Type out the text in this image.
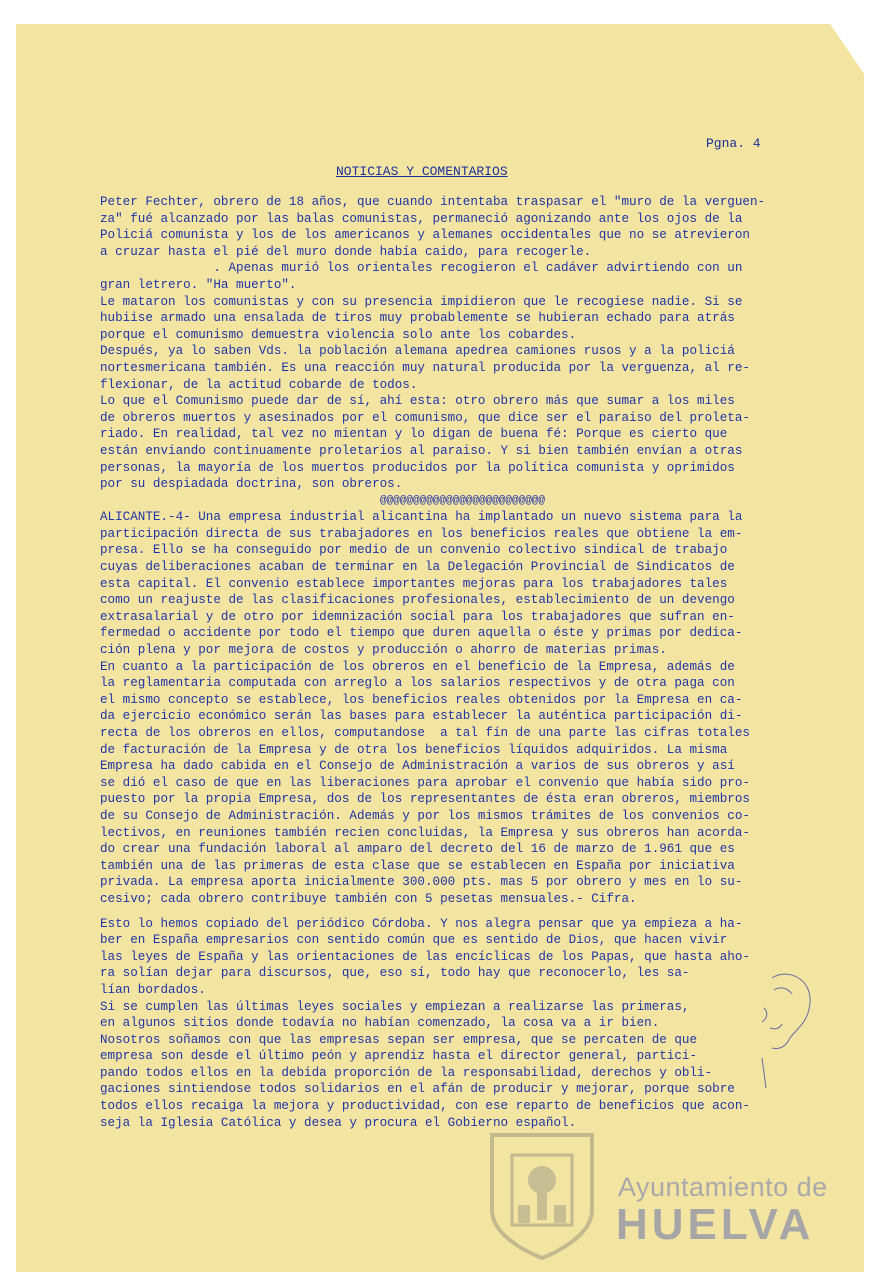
Pgna. 4
NOTICIAS Y COMENTARIOS
Peter Fechter, obrero de 18 años, que cuando intentaba traspasar el "muro de la verguen-
za" fué alcanzado por las balas comunistas, permaneció agonizando ante los ojos de la
Policiá comunista y los de los americanos y alemanes occidentales que no se atrevieron
a cruzar hasta el pié del muro donde había caido, para recogerle.
. Apenas murió los orientales recogieron el cadáver advirtiendo con un
gran letrero. "Ha muerto".
Le mataron los comunistas y con su presencia impidieron que le recogiese nadie. Si se
hubiise armado una ensalada de tiros muy probablemente se hubieran echado para atrás
porque el comunismo demuestra violencia solo ante los cobardes.
Después, ya lo saben Vds. la población alemana apedrea camiones rusos y a la policiá
nortesmericana también. Es una reacción muy natural producida por la verguenza, al re-
flexionar, de la actitud cobarde de todos.
Lo que el Comunismo puede dar de sí, ahí esta: otro obrero más que sumar a los miles
de obreros muertos y asesinados por el comunismo, que dice ser el paraiso del proleta-
riado. En realidad, tal vez no mientan y lo digan de buena fé: Porque es cierto que
están enviando continuamente proletarios al paraiso. Y si bien también envían a otras
personas, la mayoría de los muertos producidos por la política comunista y oprimidos
por su despiadada doctrina, son obreros.
@@@@@@@@@@@@@@@@@@@@@@@@@
ALICANTE.-4- Una empresa industrial alicantina ha implantado un nuevo sistema para la
participación directa de sus trabajadores en los beneficios reales que obtiene la em-
presa. Ello se ha conseguido por medio de un convenio colectivo sindical de trabajo
cuyas deliberaciones acaban de terminar en la Delegación Provincial de Sindicatos de
esta capital. El convenio establece importantes mejoras para los trabajadores tales
como un reajuste de las clasificaciones profesionales, establecimiento de un devengo
extrasalarial y de otro por idemnización social para los trabajadores que sufran en-
fermedad o accidente por todo el tiempo que duren aquella o éste y primas por dedica-
ción plena y por mejora de costos y producción o ahorro de materias primas.
En cuanto a la participación de los obreros en el beneficio de la Empresa, además de
la reglamentaria computada con arreglo a los salarios respectivos y de otra paga con
el mismo concepto se establece, los beneficios reales obtenidos por la Empresa en ca-
da ejercicio económico serán las bases para establecer la auténtica participación di-
recta de los obreros en ellos, computandose  a tal fín de una parte las cifras totales
de facturación de la Empresa y de otra los beneficios líquidos adquiridos. La misma
Empresa ha dado cabida en el Consejo de Administración a varios de sus obreros y así
se dió el caso de que en las liberaciones para aprobar el convenio que había sido pro-
puesto por la propia Empresa, dos de los representantes de ésta eran obreros, miembros
de su Consejo de Administración. Además y por los mismos trámites de los convenios co-
lectivos, en reuniones también recien concluidas, la Empresa y sus obreros han acorda-
do crear una fundación laboral al amparo del decreto del 16 de marzo de 1.961 que es
también una de las primeras de esta clase que se establecen en España por iniciativa
privada. La empresa aporta inicialmente 300.000 pts. mas 5 por obrero y mes en lo su-
cesivo; cada obrero contribuye también con 5 pesetas mensuales.- Cifra.
Esto lo hemos copiado del periódico Córdoba. Y nos alegra pensar que ya empieza a ha-
ber en España empresarios con sentido común que es sentido de Dios, que hacen vivir
las leyes de España y las orientaciones de las encíclicas de los Papas, que hasta aho-
ra solían dejar para discursos, que, eso sí, todo hay que reconocerlo, les sa-
lían bordados.
Si se cumplen las últimas leyes sociales y empiezan a realizarse las primeras,
en algunos sitios donde todavía no habían comenzado, la cosa va a ir bien.
Nosotros soñamos con que las empresas sepan ser empresa, que se percaten de que
empresa son desde el último peón y aprendiz hasta el director general, partici-
pando todos ellos en la debida proporción de la responsabilidad, derechos y obli-
gaciones sintiendose todos solidarios en el afán de producir y mejorar, porque sobre
todos ellos recaiga la mejora y productividad, con ese reparto de beneficios que acon-
seja la Iglesia Católica y desea y procura el Gobierno español.
Ayuntamiento de
HUELVA
